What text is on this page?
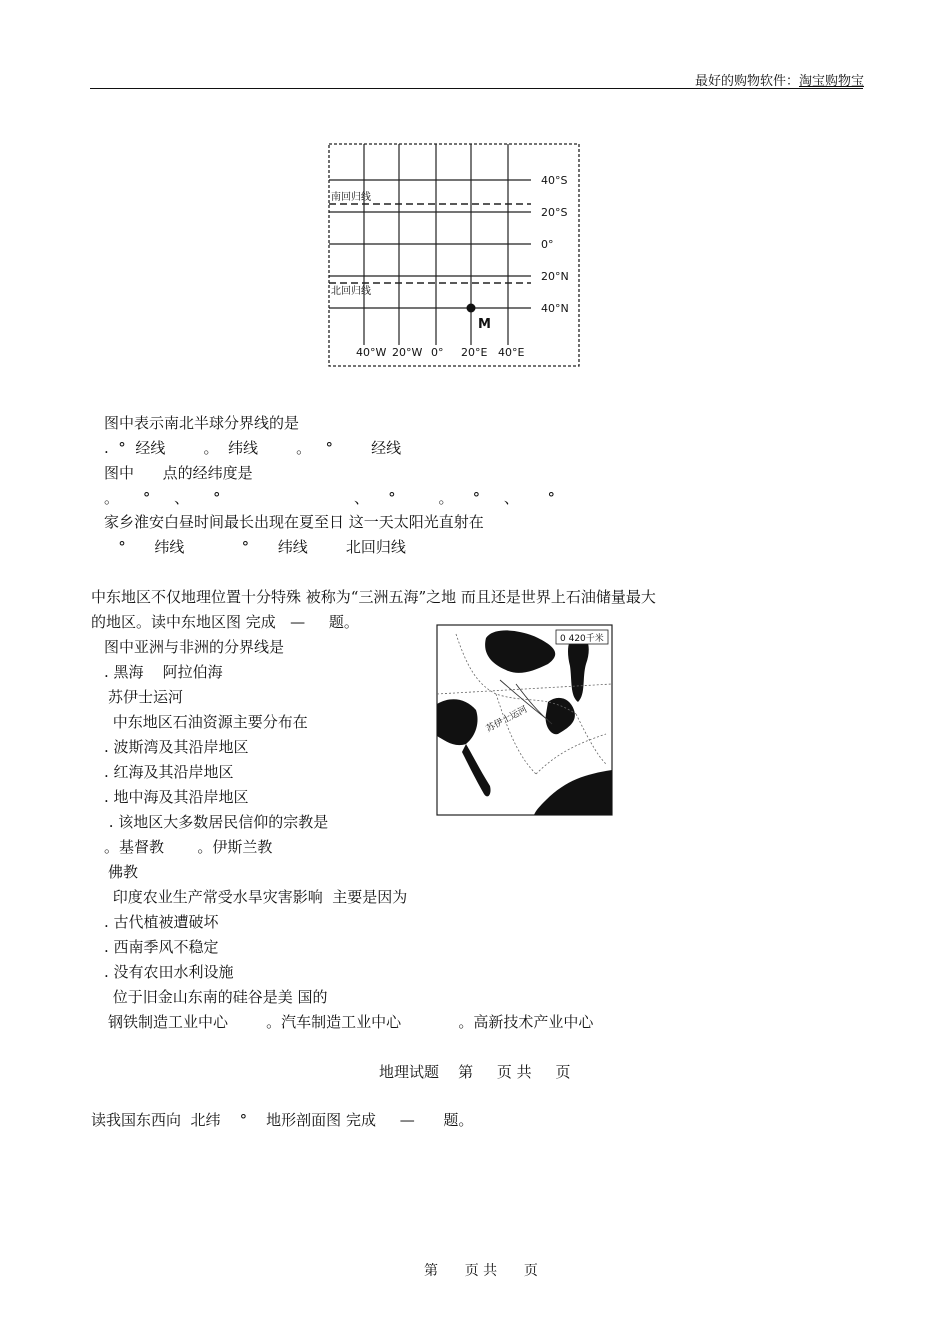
最好的购物软件：淘宝购物宝
40°S
20°S
0°
20°N
40°N
南回归线
北回归线
40°W 20°W 0° 20°E 40°E
M
图中表示南北半球分界线的是
.  °  经线        。  纬线        。   °        经线
图中      点的经纬度是
。     °     、     °                            、    °         。    °     、      °
家乡淮安白昼时间最长出现在夏至日 这一天太阳光直射在
°      纬线            °      纬线        北回归线
中东地区不仅地理位置十分特殊 被称为“三洲五海”之地 而且还是世界上石油储量最大
的地区。读中东地区图 完成   —     题。
0 420千米
苏伊士运河
图中亚洲与非洲的分界线是
. 黑海    阿拉伯海
苏伊士运河
中东地区石油资源主要分布在
. 波斯湾及其沿岸地区
. 红海及其沿岸地区
. 地中海及其沿岸地区
. 该地区大多数居民信仰的宗教是
。基督教       。伊斯兰教
佛教
印度农业生产常受水旱灾害影响  主要是因为
. 古代植被遭破坏
. 西南季风不稳定
. 没有农田水利设施
位于旧金山东南的硅谷是美 国的
钢铁制造工业中心        。汽车制造工业中心            。高新技术产业中心
地理试题    第     页 共     页
读我国东西向  北纬    °    地形剖面图 完成     —      题。
第      页 共      页
